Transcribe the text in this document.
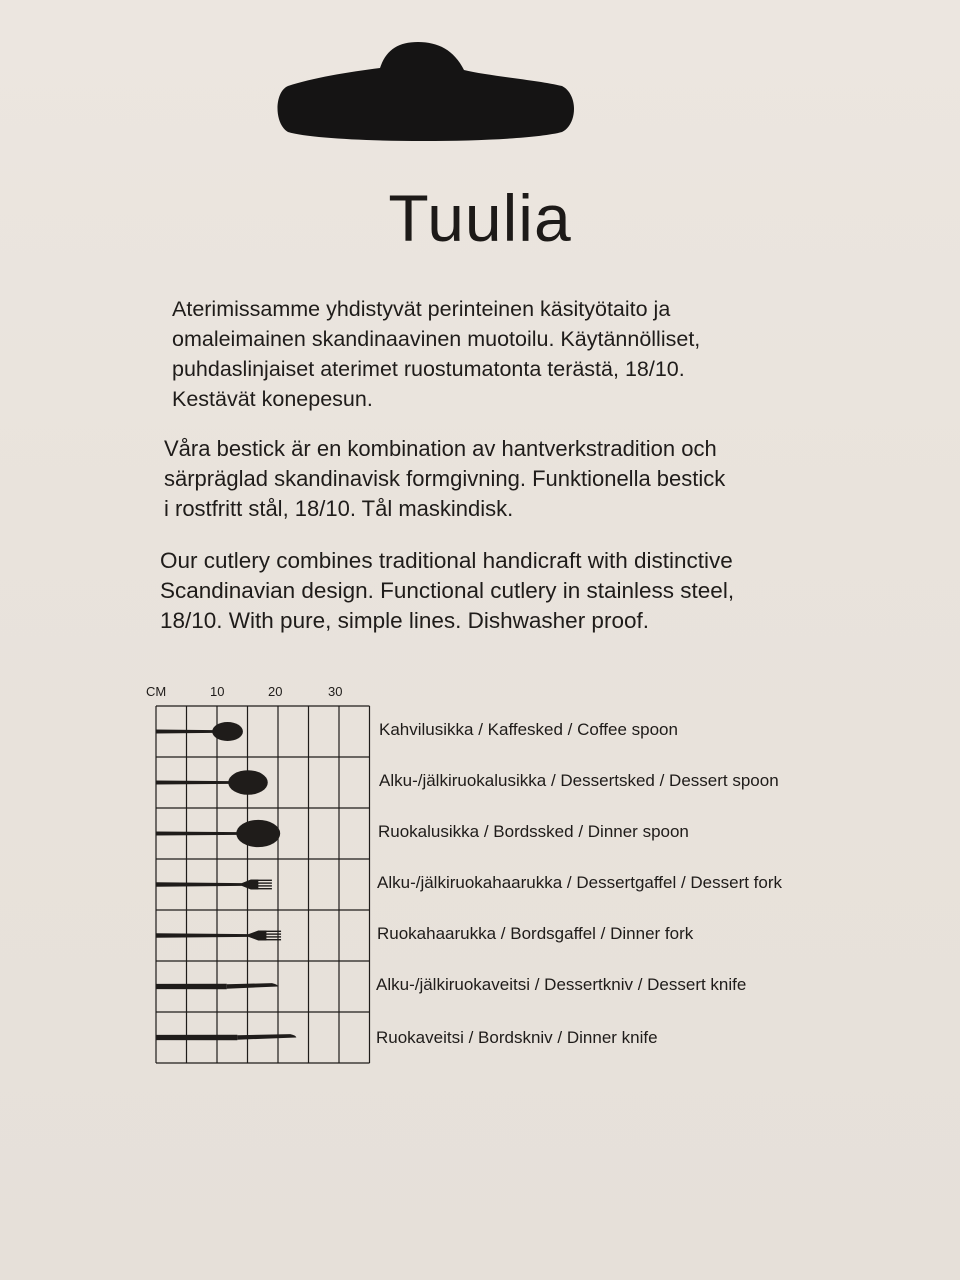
Tuulia

Aterimissamme yhdistyvät perinteinen käsityötaito ja
omaleimainen skandinaavinen muotoilu. Käytännölliset,
puhdaslinjaiset aterimet ruostumatonta terästä, 18/10.
Kestävät konepesun.

Våra bestick är en kombination av hantverkstradition och
särpräglad skandinavisk formgivning. Funktionella bestick
i rostfritt stål, 18/10. Tål maskindisk.

Our cutlery combines traditional handicraft with distinctive
Scandinavian design. Functional cutlery in stainless steel,
18/10. With pure, simple lines. Dishwasher proof.

CM	10	20	30
Kahvilusikka / Kaffesked / Coffee spoon
Alku-/jälkiruokalusikka / Dessertsked / Dessert spoon
Ruokalusikka / Bordssked / Dinner spoon
Alku-/jälkiruokahaarukka / Dessertgaffel / Dessert fork
Ruokahaarukka / Bordsgaffel / Dinner fork
Alku-/jälkiruokaveitsi / Dessertkniv / Dessert knife
Ruokaveitsi / Bordskniv / Dinner knife
